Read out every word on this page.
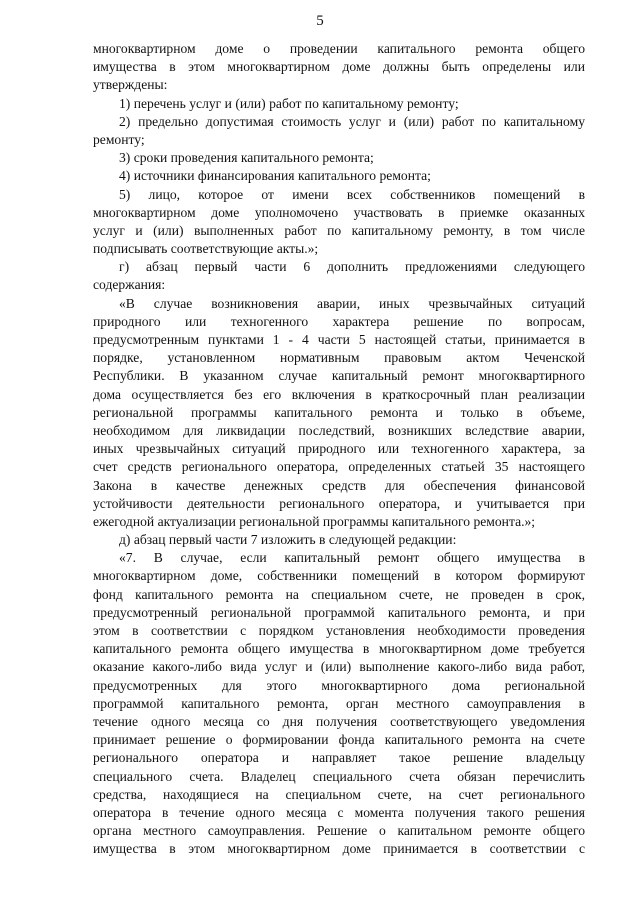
5
многоквартирном доме о проведении капитального ремонта общего
имущества в этом многоквартирном доме должны быть определены или
утверждены:
1) перечень услуг и (или) работ по капитальному ремонту;
2) предельно допустимая стоимость услуг и (или) работ по капитальному
ремонту;
3) сроки проведения капитального ремонта;
4) источники финансирования капитального ремонта;
5) лицо, которое от имени всех собственников помещений в
многоквартирном доме уполномочено участвовать в приемке оказанных
услуг и (или) выполненных работ по капитальному ремонту, в том числе
подписывать соответствующие акты.»;
г) абзац первый части 6 дополнить предложениями следующего
содержания:
«В случае возникновения аварии, иных чрезвычайных ситуаций
природного или техногенного характера решение по вопросам,
предусмотренным пунктами 1 - 4 части 5 настоящей статьи, принимается в
порядке, установленном нормативным правовым актом Чеченской
Республики. В указанном случае капитальный ремонт многоквартирного
дома осуществляется без его включения в краткосрочный план реализации
региональной программы капитального ремонта и только в объеме,
необходимом для ликвидации последствий, возникших вследствие аварии,
иных чрезвычайных ситуаций природного или техногенного характера, за
счет средств регионального оператора, определенных статьей 35 настоящего
Закона в качестве денежных средств для обеспечения финансовой
устойчивости деятельности регионального оператора, и учитывается при
ежегодной актуализации региональной программы капитального ремонта.»;
д) абзац первый части 7 изложить в следующей редакции:
«7. В случае, если капитальный ремонт общего имущества в
многоквартирном доме, собственники помещений в котором формируют
фонд капитального ремонта на специальном счете, не проведен в срок,
предусмотренный региональной программой капитального ремонта, и при
этом в соответствии с порядком установления необходимости проведения
капитального ремонта общего имущества в многоквартирном доме требуется
оказание какого-либо вида услуг и (или) выполнение какого-либо вида работ,
предусмотренных для этого многоквартирного дома региональной
программой капитального ремонта, орган местного самоуправления в
течение одного месяца со дня получения соответствующего уведомления
принимает решение о формировании фонда капитального ремонта на счете
регионального оператора и направляет такое решение владельцу
специального счета. Владелец специального счета обязан перечислить
средства, находящиеся на специальном счете, на счет регионального
оператора в течение одного месяца с момента получения такого решения
органа местного самоуправления. Решение о капитальном ремонте общего
имущества в этом многоквартирном доме принимается в соответствии с
